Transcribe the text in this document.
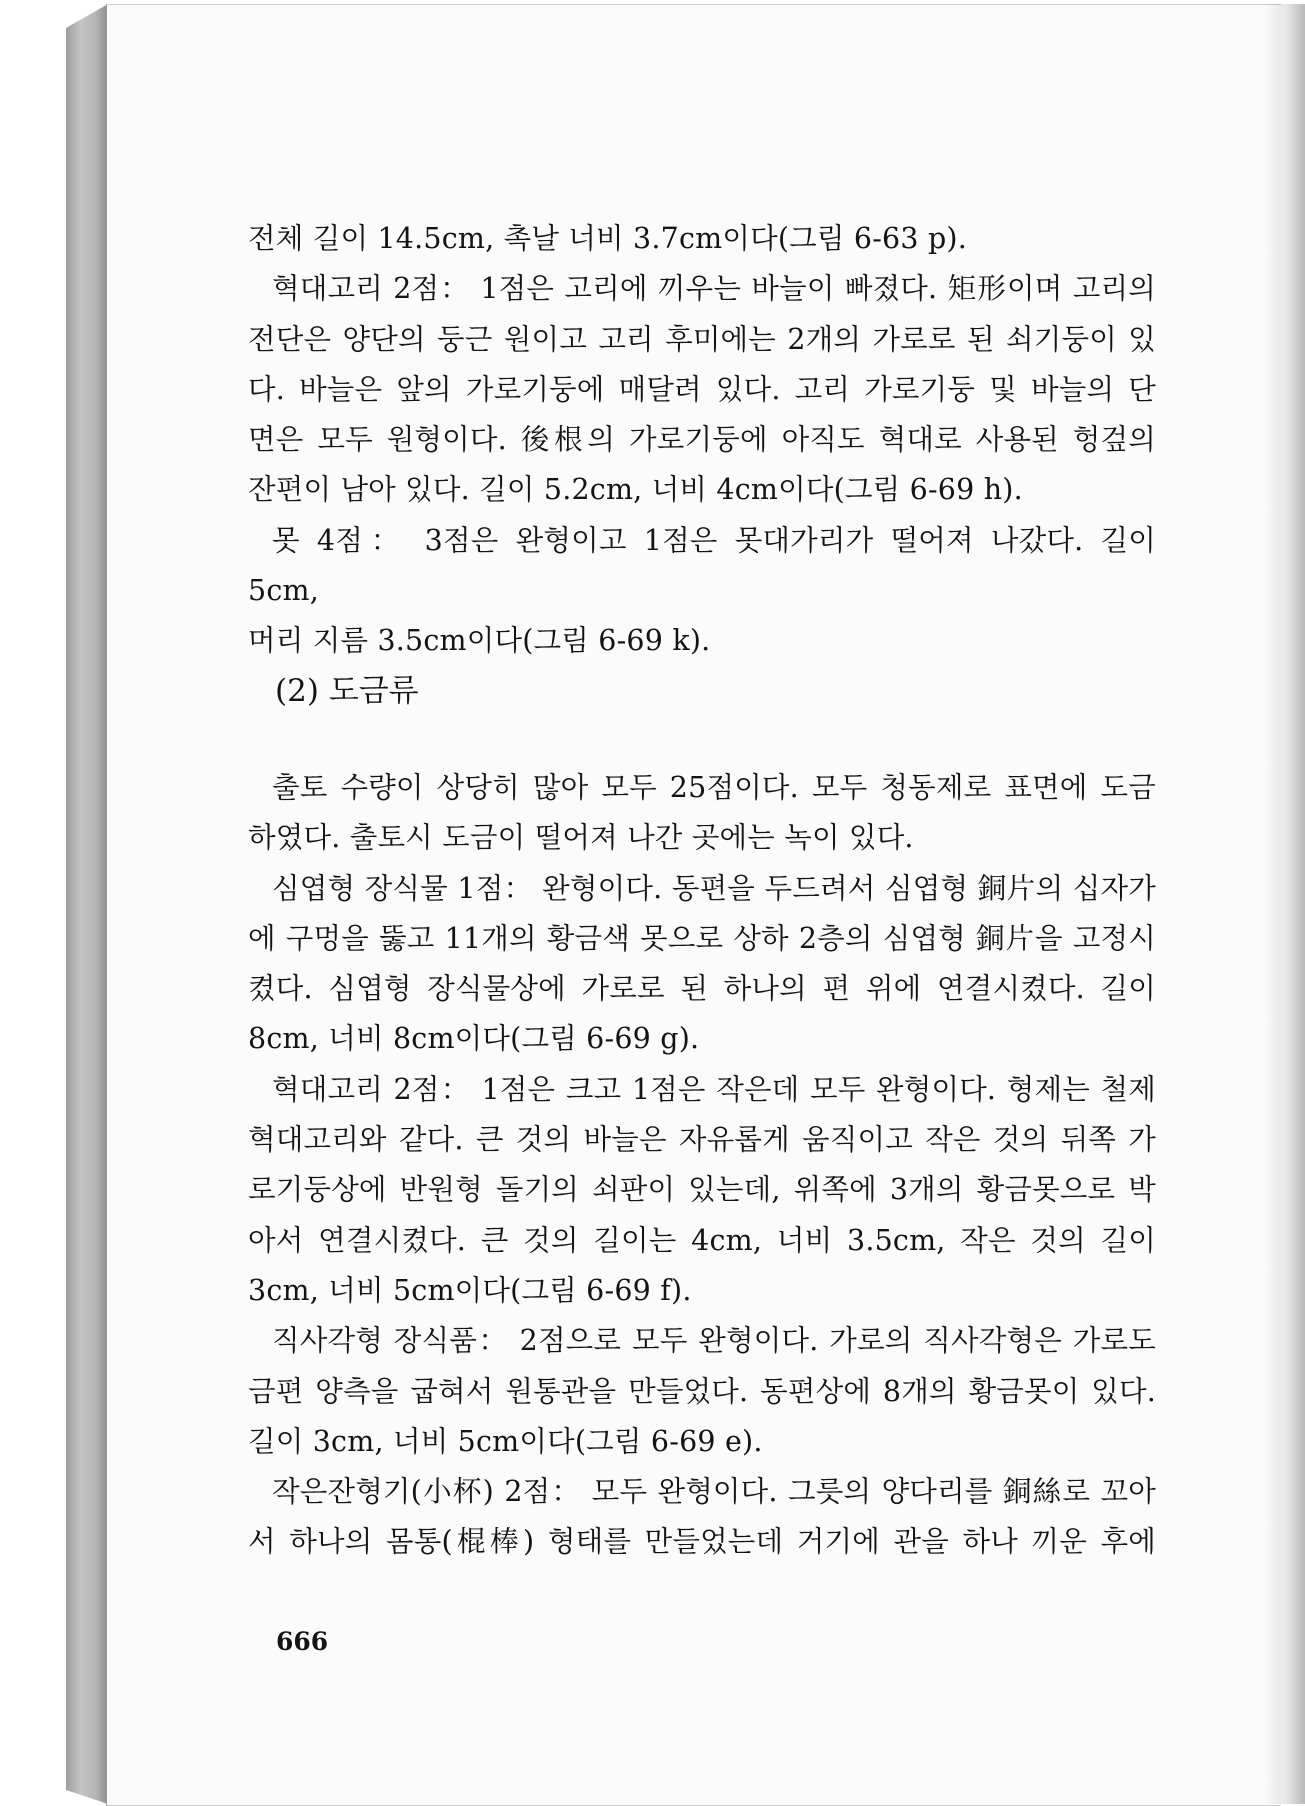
전체 길이 14.5cm, 촉날 너비 3.7cm이다(그림 6-63 p).

혁대고리 2점： 1점은 고리에 끼우는 바늘이 빠졌다. 矩形이며 고리의

전단은 양단의 둥근 원이고 고리 후미에는 2개의 가로로 된 쇠기둥이 있

다. 바늘은 앞의 가로기둥에 매달려 있다. 고리 가로기둥 및 바늘의 단

면은 모두 원형이다. 後根의 가로기둥에 아직도 혁대로 사용된 헝겊의

잔편이 남아 있다. 길이 5.2cm, 너비 4cm이다(그림 6-69 h).

못 4점： 3점은 완형이고 1점은 못대가리가 떨어져 나갔다. 길이 5cm,

머리 지름 3.5cm이다(그림 6-69 k).

(2) 도금류

출토 수량이 상당히 많아 모두 25점이다. 모두 청동제로 표면에 도금

하였다. 출토시 도금이 떨어져 나간 곳에는 녹이 있다.

심엽형 장식물 1점： 완형이다. 동편을 두드려서 심엽형 銅片의 십자가

에 구멍을 뚫고 11개의 황금색 못으로 상하 2층의 심엽형 銅片을 고정시

켰다. 심엽형 장식물상에 가로로 된 하나의 편 위에 연결시켰다. 길이

8cm, 너비 8cm이다(그림 6-69 g).

혁대고리 2점： 1점은 크고 1점은 작은데 모두 완형이다. 형제는 철제

혁대고리와 같다. 큰 것의 바늘은 자유롭게 움직이고 작은 것의 뒤쪽 가

로기둥상에 반원형 돌기의 쇠판이 있는데, 위쪽에 3개의 황금못으로 박

아서 연결시켰다. 큰 것의 길이는 4cm, 너비 3.5cm, 작은 것의 길이

3cm, 너비 5cm이다(그림 6-69 f).

직사각형 장식품： 2점으로 모두 완형이다. 가로의 직사각형은 가로도

금편 양측을 굽혀서 원통관을 만들었다. 동편상에 8개의 황금못이 있다.

길이 3cm, 너비 5cm이다(그림 6-69 e).

작은잔형기(小杯) 2점： 모두 완형이다. 그릇의 양다리를 銅絲로 꼬아

서 하나의 몸통(棍棒) 형태를 만들었는데 거기에 관을 하나 끼운 후에

666
